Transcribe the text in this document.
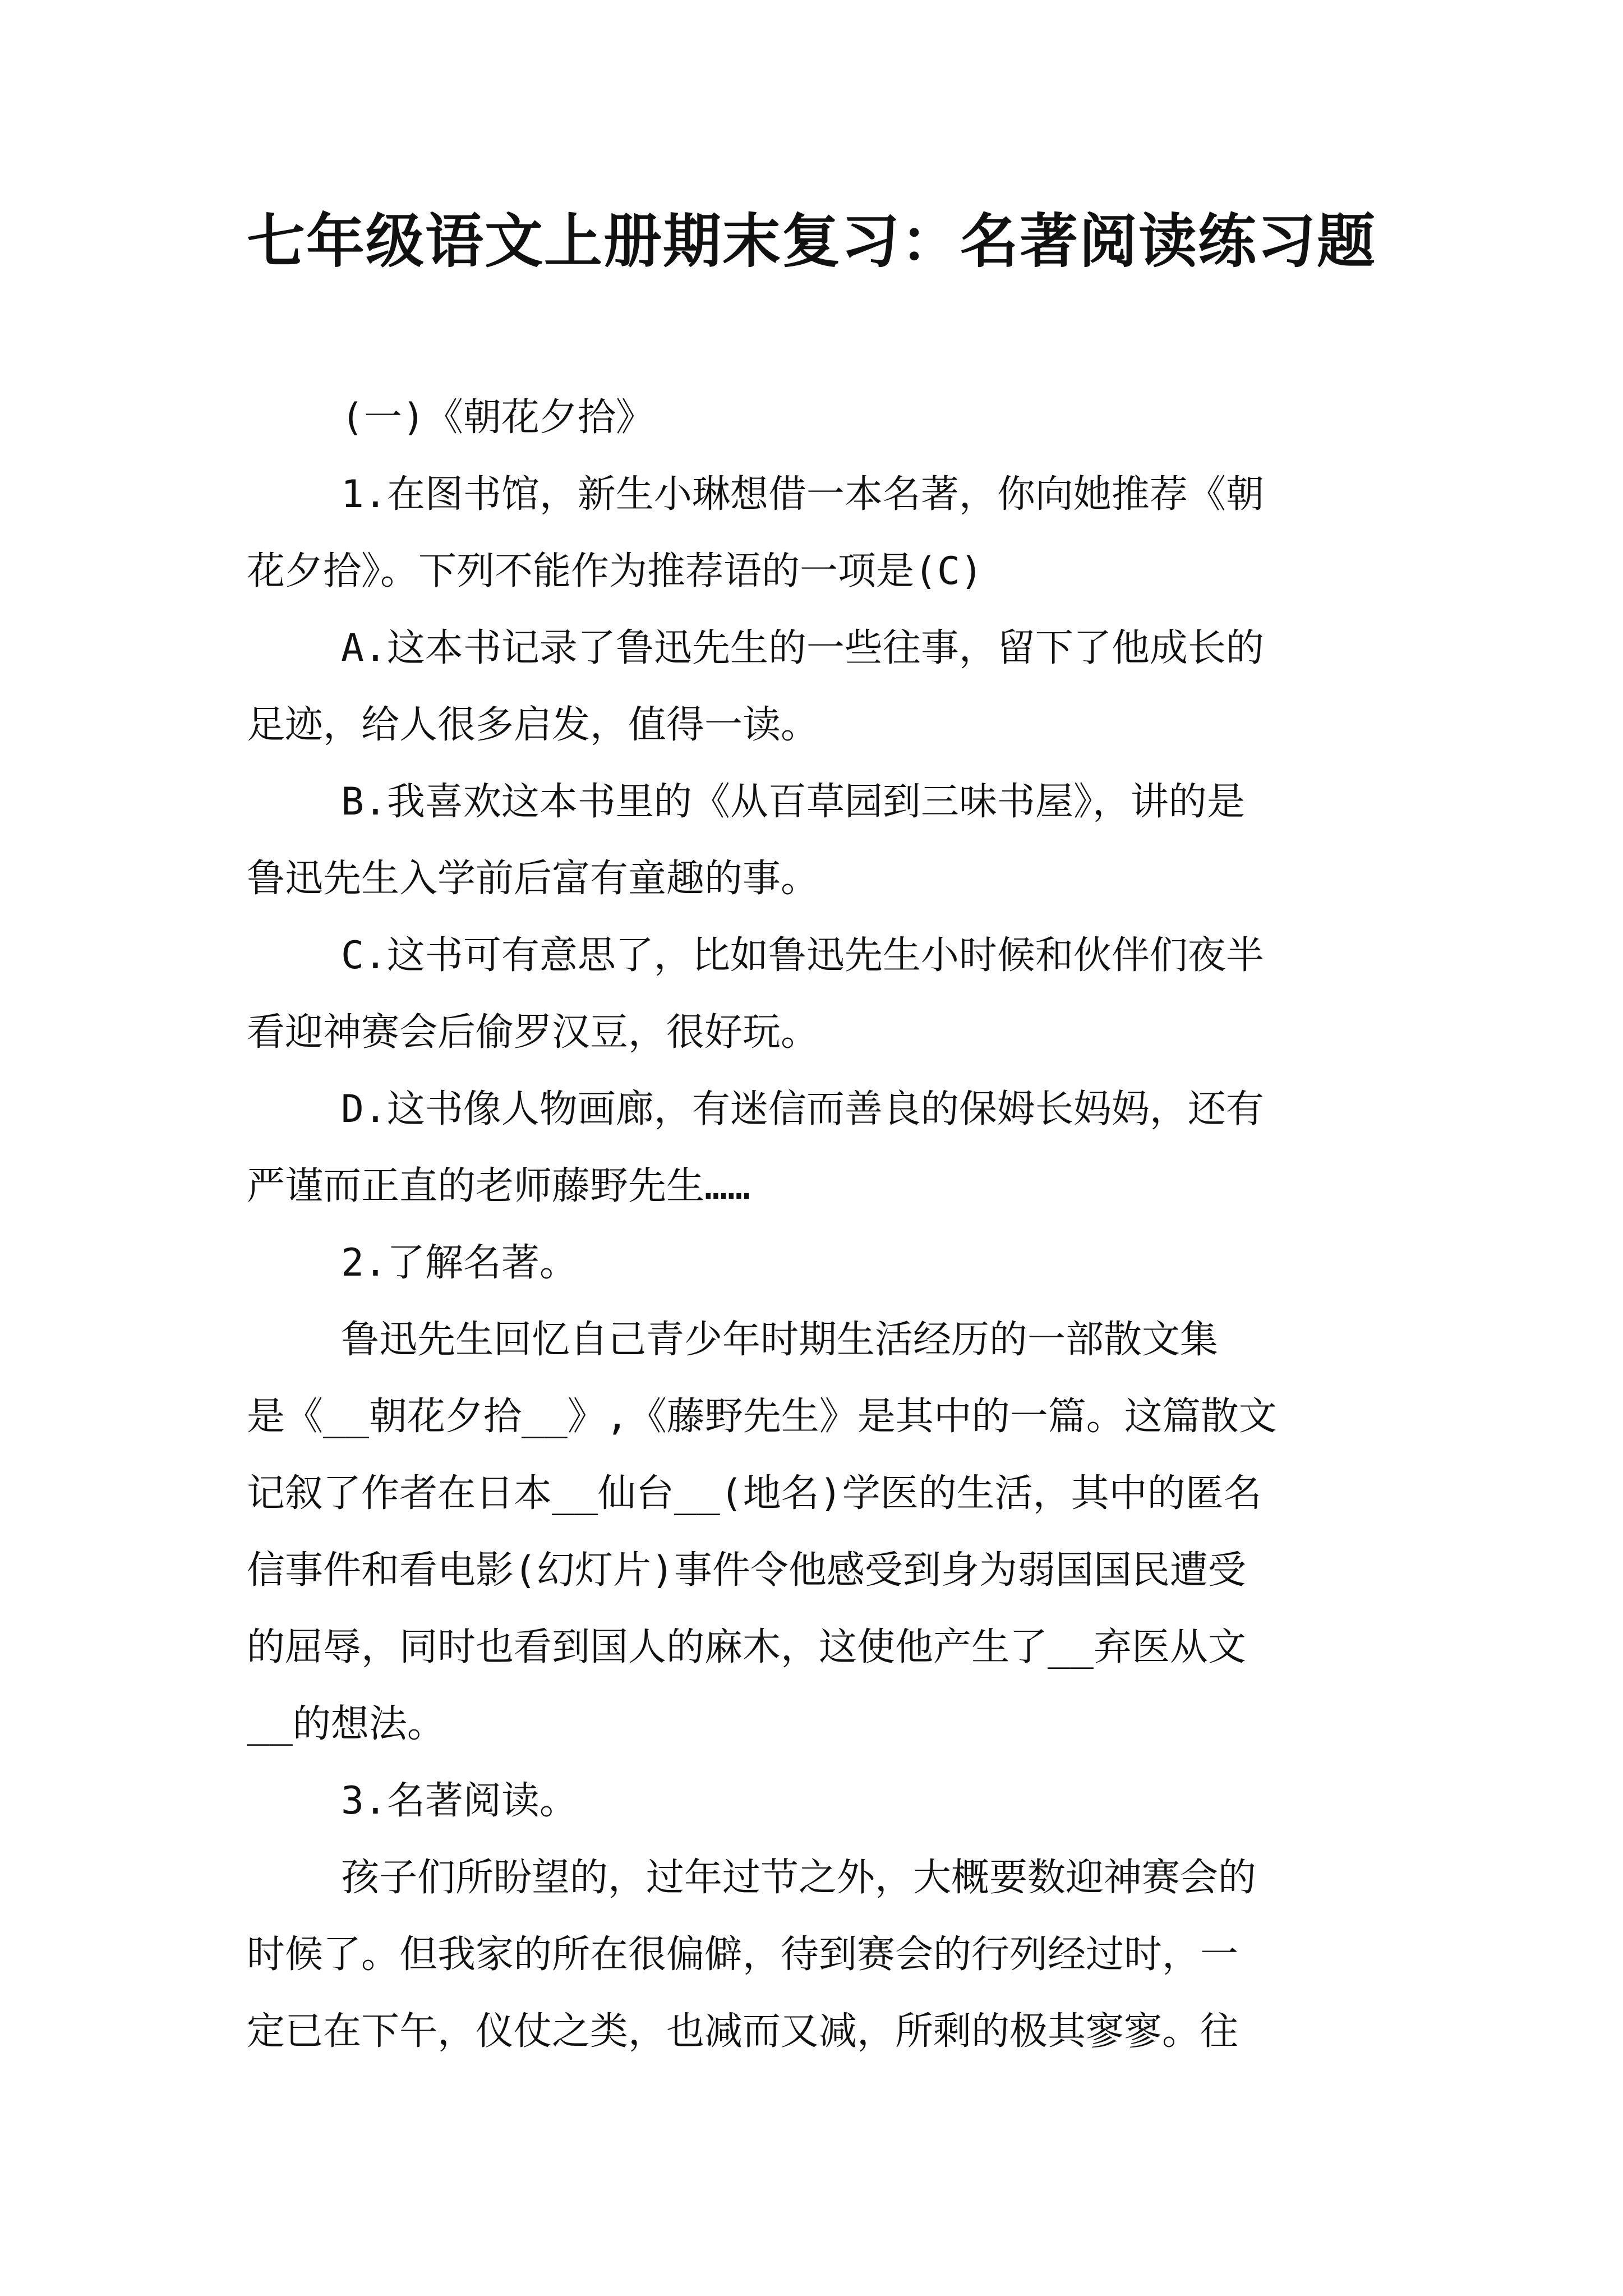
七年级语文上册期末复习：名著阅读练习题
(一)《朝花夕拾》
1.在图书馆，新生小琳想借一本名著，你向她推荐《朝
花夕拾》。下列不能作为推荐语的一项是(C)
A.这本书记录了鲁迅先生的一些往事，留下了他成长的
足迹，给人很多启发，值得一读。
B.我喜欢这本书里的《从百草园到三味书屋》，讲的是
鲁迅先生入学前后富有童趣的事。
C.这书可有意思了，比如鲁迅先生小时候和伙伴们夜半
看迎神赛会后偷罗汉豆，很好玩。
D.这书像人物画廊，有迷信而善良的保姆长妈妈，还有
严谨而正直的老师藤野先生……
2.了解名著。
鲁迅先生回忆自己青少年时期生活经历的一部散文集
是《__朝花夕拾__》,《藤野先生》是其中的一篇。这篇散文
记叙了作者在日本__仙台__(地名)学医的生活，其中的匿名
信事件和看电影(幻灯片)事件令他感受到身为弱国国民遭受
的屈辱，同时也看到国人的麻木，这使他产生了__弃医从文
__的想法。
3.名著阅读。
孩子们所盼望的，过年过节之外，大概要数迎神赛会的
时候了。但我家的所在很偏僻，待到赛会的行列经过时，一
定已在下午，仪仗之类，也减而又减，所剩的极其寥寥。往
